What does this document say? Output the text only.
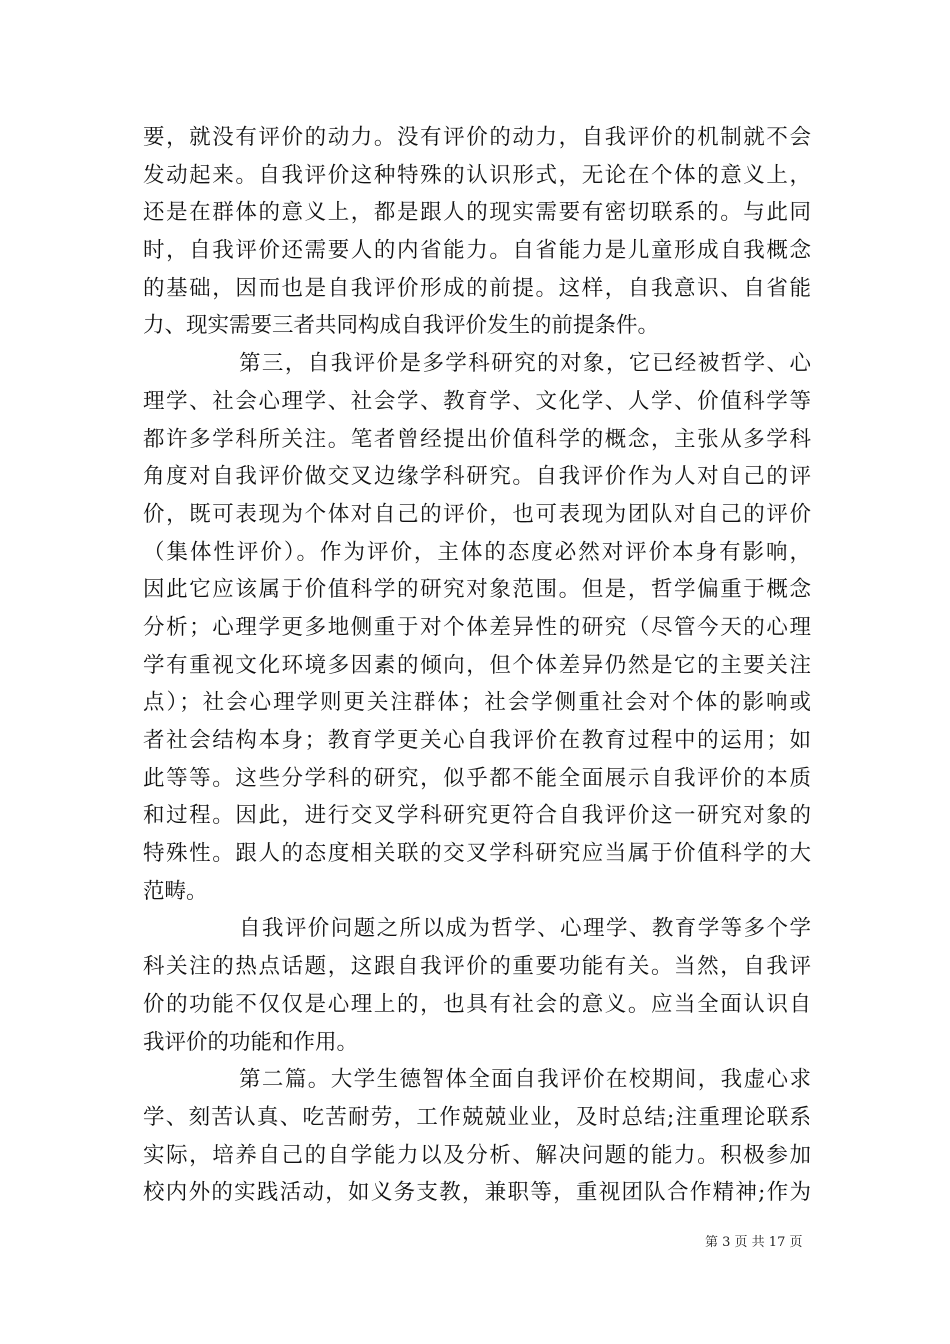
要，就没有评价的动力。没有评价的动力，自我评价的机制就不会
发动起来。自我评价这种特殊的认识形式，无论在个体的意义上，
还是在群体的意义上，都是跟人的现实需要有密切联系的。与此同
时，自我评价还需要人的内省能力。自省能力是儿童形成自我概念
的基础，因而也是自我评价形成的前提。这样，自我意识、自省能
力、现实需要三者共同构成自我评价发生的前提条件。
第三，自我评价是多学科研究的对象，它已经被哲学、心
理学、社会心理学、社会学、教育学、文化学、人学、价值科学等
都许多学科所关注。笔者曾经提出价值科学的概念，主张从多学科
角度对自我评价做交叉边缘学科研究。自我评价作为人对自己的评
价，既可表现为个体对自己的评价，也可表现为团队对自己的评价
（集体性评价）。作为评价，主体的态度必然对评价本身有影响，
因此它应该属于价值科学的研究对象范围。但是，哲学偏重于概念
分析；心理学更多地侧重于对个体差异性的研究（尽管今天的心理
学有重视文化环境多因素的倾向，但个体差异仍然是它的主要关注
点）；社会心理学则更关注群体；社会学侧重社会对个体的影响或
者社会结构本身；教育学更关心自我评价在教育过程中的运用；如
此等等。这些分学科的研究，似乎都不能全面展示自我评价的本质
和过程。因此，进行交叉学科研究更符合自我评价这一研究对象的
特殊性。跟人的态度相关联的交叉学科研究应当属于价值科学的大
范畴。
自我评价问题之所以成为哲学、心理学、教育学等多个学
科关注的热点话题，这跟自我评价的重要功能有关。当然，自我评
价的功能不仅仅是心理上的，也具有社会的意义。应当全面认识自
我评价的功能和作用。
第二篇。大学生德智体全面自我评价在校期间，我虚心求
学、刻苦认真、吃苦耐劳，工作兢兢业业，及时总结;注重理论联系
实际，培养自己的自学能力以及分析、解决问题的能力。积极参加
校内外的实践活动，如义务支教，兼职等，重视团队合作精神;作为
第 3 页 共 17 页
